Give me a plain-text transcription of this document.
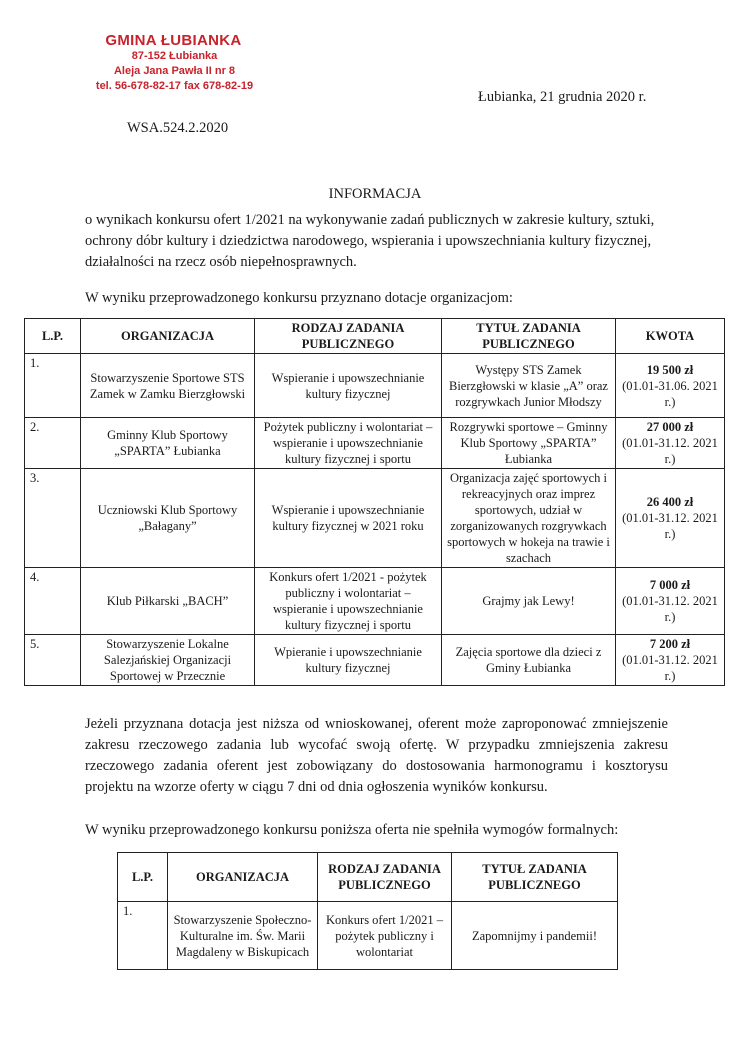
GMINA ŁUBIANKA
87-152 Łubianka
Aleja Jana Pawła II nr 8
tel. 56-678-82-17 fax 678-82-19
Łubianka, 21 grudnia 2020 r.
WSA.524.2.2020
INFORMACJA
o wynikach konkursu ofert 1/2021 na wykonywanie zadań publicznych w zakresie kultury, sztuki, ochrony dóbr kultury i dziedzictwa narodowego, wspierania i upowszechniania kultury fizycznej, działalności na rzecz osób niepełnosprawnych.
W wyniku przeprowadzonego konkursu przyznano dotacje organizacjom:
L.P.	ORGANIZACJA	RODZAJ ZADANIA PUBLICZNEGO	TYTUŁ ZADANIA PUBLICZNEGO	KWOTA
1.	Stowarzyszenie Sportowe STS Zamek w Zamku Bierzgłowski	Wspieranie i upowszechnianie kultury fizycznej	Występy STS Zamek Bierzgłowski w klasie „A” oraz rozgrywkach Junior Młodszy	19 500 zł
(01.01-31.06. 2021 r.)

2.	Gminny Klub Sportowy „SPARTA” Łubianka	Pożytek publiczny i wolontariat – wspieranie i upowszechnianie kultury fizycznej i sportu	Rozgrywki sportowe – Gminny Klub Sportowy „SPARTA” Łubianka	27 000 zł
(01.01-31.12. 2021 r.)

3.	Uczniowski Klub Sportowy „Bałagany”	Wspieranie i upowszechnianie kultury fizycznej w 2021 roku	Organizacja zajęć sportowych i rekreacyjnych oraz imprez sportowych, udział w zorganizowanych rozgrywkach sportowych w hokeja na trawie i szachach	26 400 zł
(01.01-31.12. 2021 r.)

4.	Klub Piłkarski „BACH”	Konkurs ofert 1/2021 - pożytek publiczny i wolontariat – wspieranie i upowszechnianie kultury fizycznej i sportu	Grajmy jak Lewy!	7 000 zł
(01.01-31.12. 2021 r.)

5.	Stowarzyszenie Lokalne Salezjańskiej Organizacji Sportowej w Przecznie	Wpieranie i upowszechnianie kultury fizycznej	Zajęcia sportowe dla dzieci z Gminy Łubianka	7 200 zł
(01.01-31.12. 2021 r.)
Jeżeli przyznana dotacja jest niższa od wnioskowanej, oferent może zaproponować zmniejszenie zakresu rzeczowego zadania lub wycofać swoją ofertę. W przypadku zmniejszenia zakresu rzeczowego zadania oferent jest zobowiązany do dostosowania harmonogramu i kosztorysu projektu na wzorze oferty w ciągu 7 dni od dnia ogłoszenia wyników konkursu.
W wyniku przeprowadzonego konkursu poniższa oferta nie spełniła wymogów formalnych:
L.P.	ORGANIZACJA	RODZAJ ZADANIA PUBLICZNEGO	TYTUŁ ZADANIA PUBLICZNEGO
1.	Stowarzyszenie Społeczno-Kulturalne im. Św. Marii Magdaleny w Biskupicach	Konkurs ofert 1/2021 – pożytek publiczny i wolontariat	Zapomnijmy i pandemii!
